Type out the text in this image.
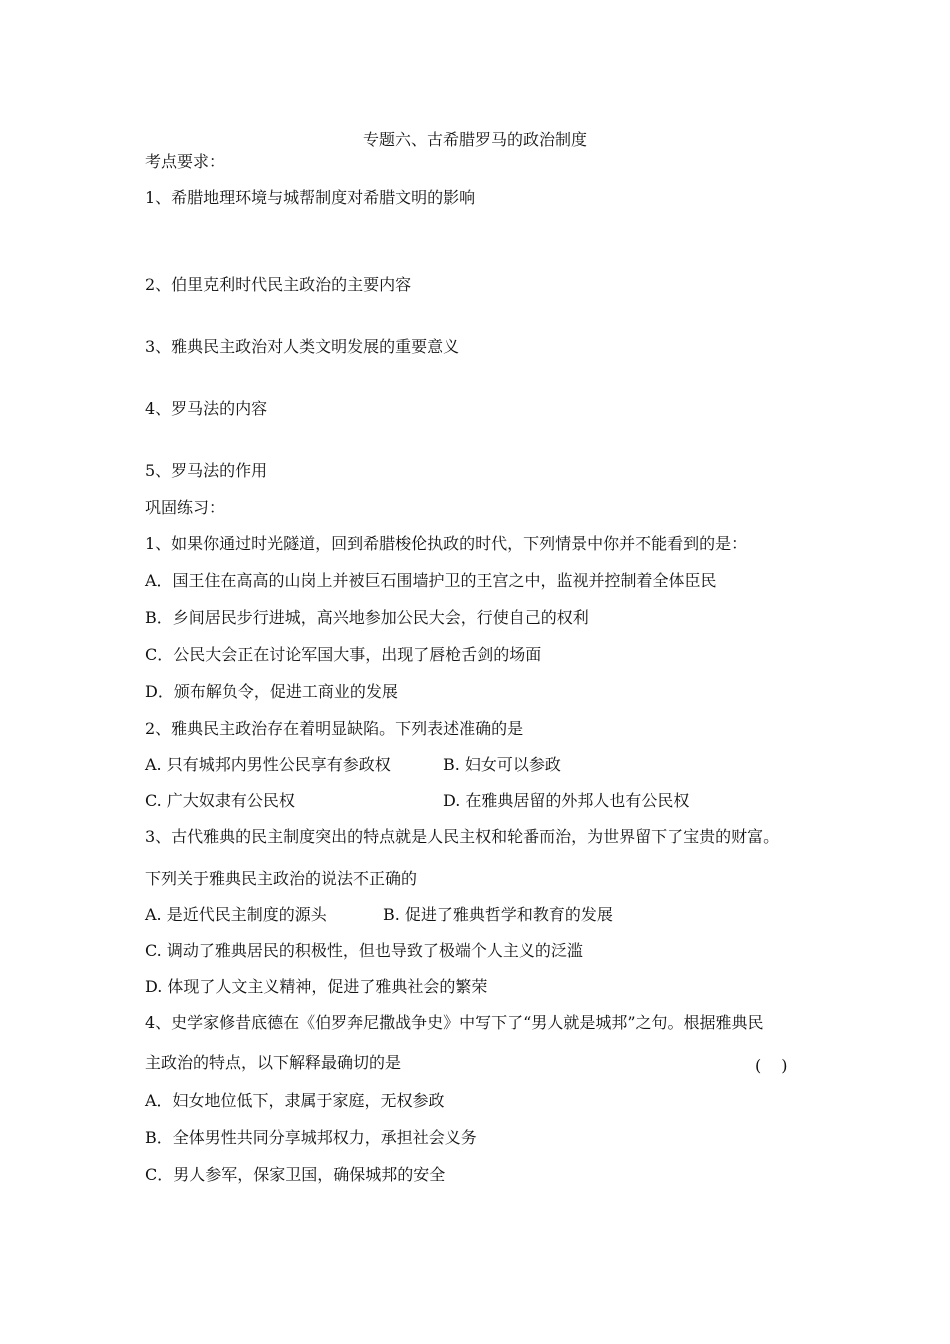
专题六、古希腊罗马的政治制度
考点要求：
1、希腊地理环境与城帮制度对希腊文明的影响
2、伯里克利时代民主政治的主要内容
3、雅典民主政治对人类文明发展的重要意义
4、罗马法的内容
5、罗马法的作用
巩固练习：
1、如果你通过时光隧道，回到希腊梭伦执政的时代，下列情景中你并不能看到的是：
A．国王住在高高的山岗上并被巨石围墙护卫的王宫之中，监视并控制着全体臣民
B．乡间居民步行进城，高兴地参加公民大会，行使自己的权利
C．公民大会正在讨论军国大事，出现了唇枪舌剑的场面
D．颁布解负令，促进工商业的发展
2、雅典民主政治存在着明显缺陷。下列表述准确的是
A. 只有城邦内男性公民享有参政权	B. 妇女可以参政
C. 广大奴隶有公民权	D. 在雅典居留的外邦人也有公民权
3、古代雅典的民主制度突出的特点就是人民主权和轮番而治，为世界留下了宝贵的财富。
下列关于雅典民主政治的说法不正确的
A. 是近代民主制度的源头	B. 促进了雅典哲学和教育的发展
C. 调动了雅典居民的积极性，但也导致了极端个人主义的泛滥
D. 体现了人文主义精神，促进了雅典社会的繁荣
4、史学家修昔底德在《伯罗奔尼撒战争史》中写下了“男人就是城邦”之句。根据雅典民
主政治的特点，以下解释最确切的是	(　)
A．妇女地位低下，隶属于家庭，无权参政
B．全体男性共同分享城邦权力，承担社会义务
C．男人参军，保家卫国，确保城邦的安全
